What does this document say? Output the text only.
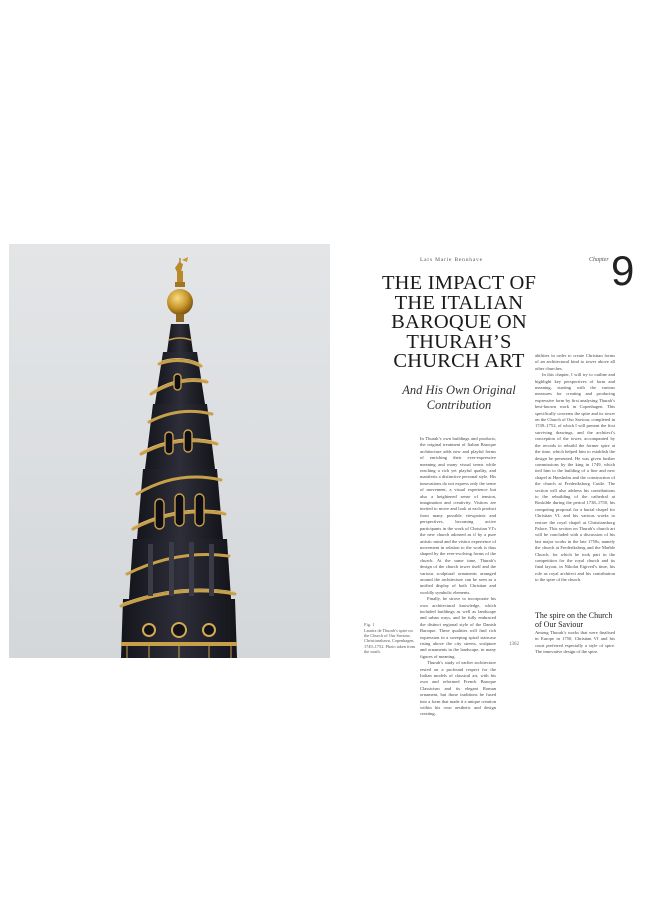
Lars Marie Bennhave	Chapter 9
THE IMPACT OF
THE ITALIAN
BAROQUE ON
THURAH’S
CHURCH ART
And His Own Original
Contribution

In Thurah’s own buildings and products, the original treatment of Italian Baroque architecture adds new and playful forms of enriching their ever-expressive meaning and many visual terms while reaching a rich yet playful quality, and manifests a distinctive personal style. His innovations do not express only the sense of movement, a visual experience but also a heightened sense of tension, imagination and creativity. Visitors are invited to move and look at each product from many possible viewpoints and perspectives, becoming active participants in the work of Christian VI’s the new church adorned as if by a pure artistic mind and the visitor experience of movement in relation to the work is thus shaped by the ever-evolving forms of the church. At the same time, Thurah’s design of the church tower itself and the various sculptural ornaments arranged around the architecture can be seen as a unified display of both Christian and worldly symbolic elements.

Finally, he strove to incorporate his own architectural knowledge, which included buildings as well as landscape and urban ways, and he fully embraced the distinct regional style of the Danish Baroque. These qualities will find rich expression in a sweeping spiral staircase rising above the city streets, sculpture and ornaments in the landscape, in many figures of meaning.

Thurah’s study of earlier architecture rested on a profound respect for the Italian models of classical art, with his own and reformed French Baroque Classicism and its elegant Roman ornament, but those traditions he fused into a form that made it a unique creation within his own aesthetic and design creating.

abilities in order to create Christian forms of an architectural kind to tower above all other churches.

In this chapter, I will try to outline and highlight key perspectives of form and meaning, starting with the various measures for creating and producing expressive form by first analysing Thurah’s best-known work in Copenhagen. This specifically concerns the spire and its tower on the Church of Our Saviour, completed in 1749–1752, of which I will present the first surviving drawings, and the architect’s conception of the tower, accompanied by the records to rebuild the former spire at the time, which helped him to establish the design he presented. He was given further commissions by the king in 1749, which tied him to the building of a fine and new chapel at Hørsholm and the construction of the church at Frederiksborg Castle. The section will also address his contributions to the rebuilding of the cathedral at Roskilde during the period 1738–1750, his competing proposal for a burial chapel for Christian VI, and his various works to restore the royal chapel at Christiansborg Palace. This section on Thurah’s church art will be concluded with a discussion of his last major works in the late 1750s, namely the church at Frederiksberg and the Marble Church, for which he took part in the competition for the royal church and its final layout, in Nikolai Eigtved’s time, his role as royal architect and his contribution to the spire of the church.

The spire on the Church
of Our Saviour

Among Thurah’s works that were finalised in Europe in 1750, Christian VI and his court preferred especially a style of spire. The innovative design of the spire.

Fig. 1
Lauritz de Thurah’s spire on the Church of Our Saviour, Christianshavn, Copenhagen, 1749–1752. Photo taken from the south.
1362
